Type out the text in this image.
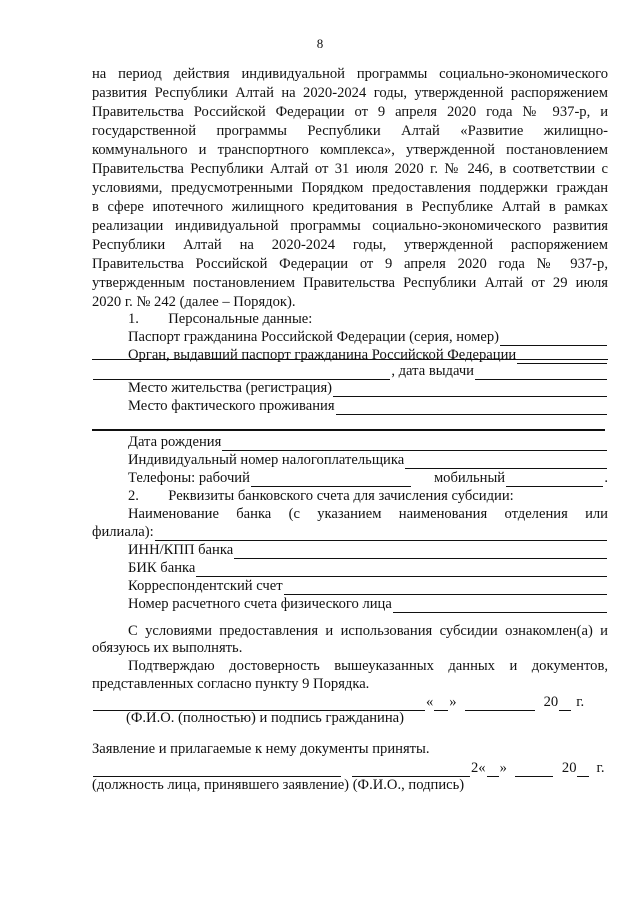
8
на период действия индивидуальной программы социально-экономического
развития Республики Алтай на 2020-2024 годы, утвержденной распоряжением
Правительства Российской Федерации от 9 апреля 2020 года № 937-р, и
государственной программы Республики Алтай «Развитие жилищно-
коммунального и транспортного комплекса», утвержденной постановлением
Правительства Республики Алтай от 31 июля 2020 г. № 246, в соответствии с
условиями, предусмотренными Порядком предоставления поддержки граждан
в сфере ипотечного жилищного кредитования в Республике Алтай в рамках
реализации индивидуальной программы социально-экономического развития
Республики Алтай на 2020-2024 годы, утвержденной распоряжением
Правительства Российской Федерации от 9 апреля 2020 года № 937-р,
утвержденным постановлением Правительства Республики Алтай от 29 июля
2020 г. № 242 (далее – Порядок).
1. Персональные данные:
Паспорт гражданина Российской Федерации (серия, номер)
Орган, выдавший паспорт гражданина Российской Федерации
, дата выдачи
Место жительства (регистрация)
Место фактического проживания
Дата рождения
Индивидуальный номер налогоплательщика
Телефоны: рабочий	мобильный	.
2. Реквизиты банковского счета для зачисления субсидии:
Наименование банка (с указанием наименования отделения или
филиала):
ИНН/КПП банка
БИК банка
Корреспондентский счет
Номер расчетного счета физического лица
С условиями предоставления и использования субсидии ознакомлен(а) и
обязуюсь их выполнять.
Подтверждаю достоверность вышеуказанных данных и документов,
представленных согласно пункту 9 Порядка.
« »	20 г.
(Ф.И.О. (полностью) и подпись гражданина)
Заявление и прилагаемые к нему документы приняты.
2« »	20 г.
(должность лица, принявшего заявление) (Ф.И.О., подпись)
